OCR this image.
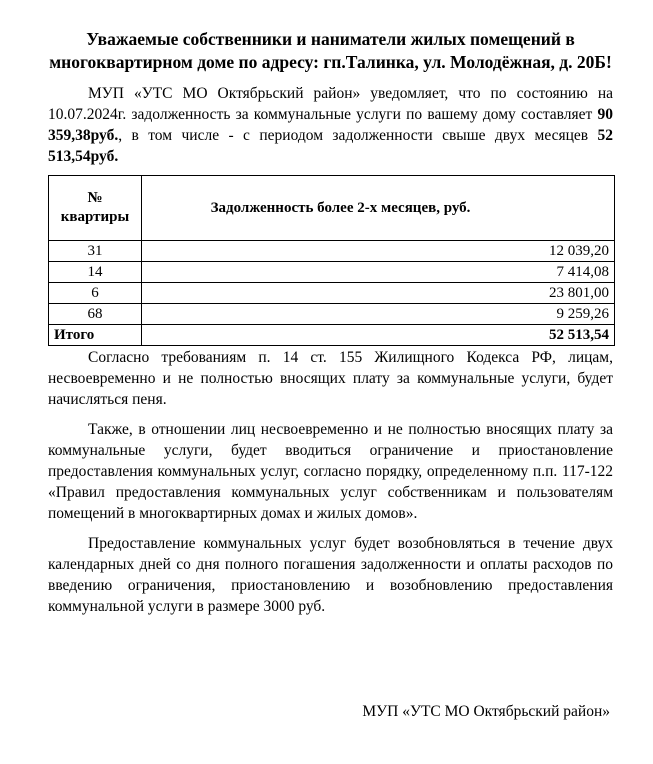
Уважаемые собственники и наниматели жилых помещений в многоквартирном доме по адресу: гп.Талинка, ул. Молодёжная, д. 20Б!

МУП «УТС МО Октябрьский район» уведомляет, что по состоянию на 10.07.2024г. задолженность за коммунальные услуги по вашему дому составляет 90 359,38руб., в том числе - с периодом задолженности свыше двух месяцев 52 513,54руб.

№ квартиры	Задолженность более 2-х месяцев, руб.
31	12 039,20
14	7 414,08
6	23 801,00
68	9 259,26
Итого	52 513,54

Согласно требованиям п. 14 ст. 155 Жилищного Кодекса РФ, лицам, несвоевременно и не полностью вносящих плату за коммунальные услуги, будет начисляться пеня.

Также, в отношении лиц несвоевременно и не полностью вносящих плату за коммунальные услуги, будет вводиться ограничение и приостановление предоставления коммунальных услуг, согласно порядку, определенному п.п. 117-122 «Правил предоставления коммунальных услуг собственникам и пользователям помещений в многоквартирных домах и жилых домов».

Предоставление коммунальных услуг будет возобновляться в течение двух календарных дней со дня полного погашения задолженности и оплаты расходов по введению ограничения, приостановлению и возобновлению предоставления коммунальной услуги в размере 3000 руб.

МУП «УТС МО Октябрьский район»
